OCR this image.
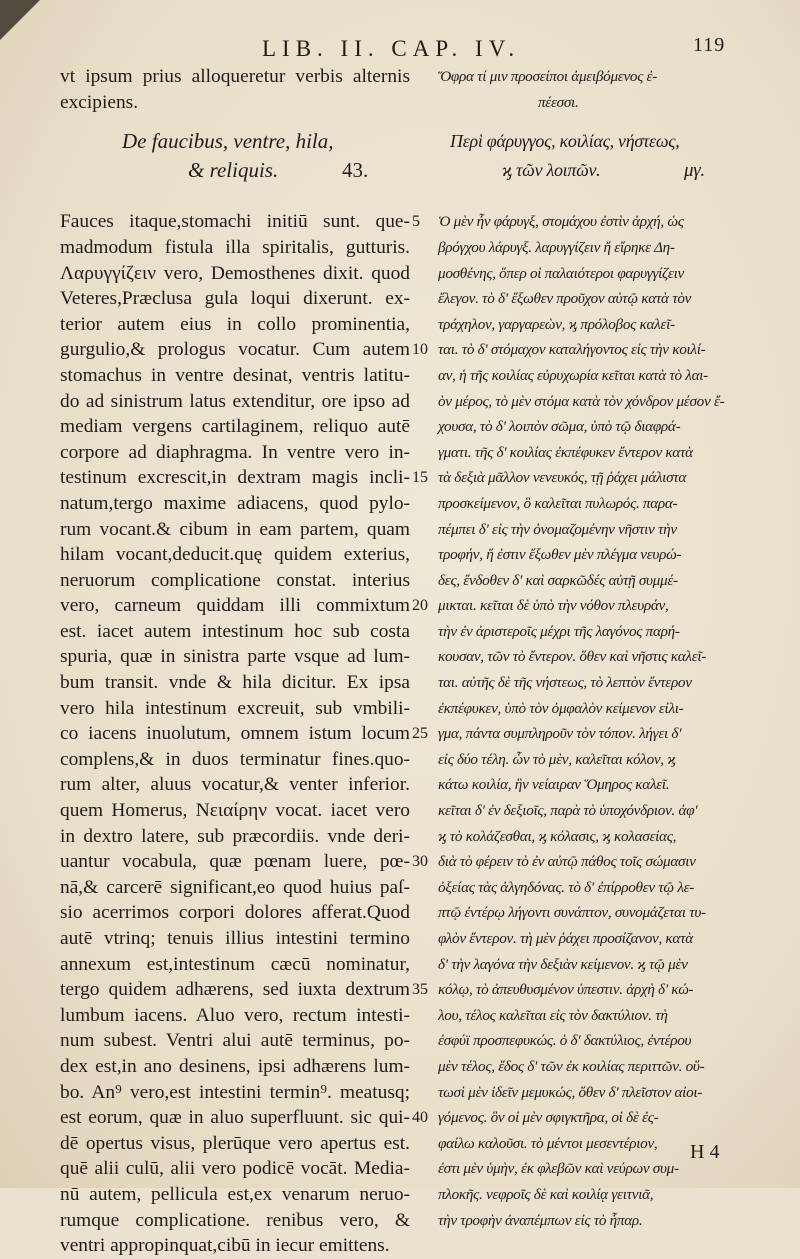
LIB. II. CAP. IV.	119
vt ipsum prius alloqueretur verbis alternis
excipiens.
De faucibus, ventre, hila,
& reliquis.	43.
Fauces itaque,stomachi initiū sunt. que-
madmodum fistula illa spiritalis, gutturis.
Λαρυγγίζειν vero, Demosthenes dixit. quod
Veteres,Præclusa gula loqui dixerunt. ex-
terior autem eius in collo prominentia,
gurgulio,& prologus vocatur. Cum autem
stomachus in ventre desinat, ventris latitu-
do ad sinistrum latus extenditur, ore ipso ad
mediam vergens cartilaginem, reliquo autē
corpore ad diaphragma. In ventre vero in-
testinum excrescit,in dextram magis incli-
natum,tergo maxime adiacens, quod pylo-
rum vocant.& cibum in eam partem, quam
hilam vocant,deducit.quę quidem exterius,
neruorum complicatione constat. interius
vero, carneum quiddam illi commixtum
est. iacet autem intestinum hoc sub costa
spuria, quæ in sinistra parte vsque ad lum-
bum transit. vnde & hila dicitur. Ex ipsa
vero hila intestinum excreuit, sub vmbili-
co iacens inuolutum, omnem istum locum
complens,& in duos terminatur fines.quo-
rum alter, aluus vocatur,& venter inferior.
quem Homerus, Νειαίρην vocat. iacet vero
in dextro latere, sub præcordiis. vnde deri-
uantur vocabula, quæ pœnam luere, pœ-
nā,& carcerē significant,eo quod huius paſ-
sio acerrimos corpori dolores afferat.Quod
autē vtrinq; tenuis illius intestini termino
annexum est,intestinum cæcū nominatur,
tergo quidem adhærens, sed iuxta dextrum
lumbum iacens. Aluo vero, rectum intesti-
num subest. Ventri alui autē terminus, po-
dex est,in ano desinens, ipsi adhærens lum-
bo. An⁹ vero,est intestini termin⁹. meatusq;
est eorum, quæ in aluo superfluunt. sic qui-
dē opertus visus, plerūque vero apertus est.
quē alii culū, alii vero podicē vocāt. Media-
nū autem, pellicula est,ex venarum neruo-
rumque complicatione. renibus vero, &
ventri appropinquat,cibū in iecur emittens.
5
10
15
20
25
30
35
40
Ὅφρα τί μιν προσείποι ἀμειβόμενος ἐ-
πέεσσι.
Περὶ φάρυγγος, κοιλίας, νήστεως,
ϗ τῶν λοιπῶν.	μγ.
Ὁ μὲν ἦν φάρυγξ, στομάχου ἐστὶν ἀρχή, ὡς
βρόγχου λάρυγξ. λαρυγγίζειν ἤ εἴρηκε Δη-
μοσθένης, ὅπερ οἱ παλαιότεροι φαρυγγίζειν
ἔλεγον. τὸ δ' ἔξωθεν προῦχον αὐτῷ κατὰ τὸν
τράχηλον, γαργαρεὼν, ϗ πρόλοβος καλεῖ-
ται. τὸ δ' στόμαχον καταλήγοντος εἰς τὴν κοιλί-
αν, ἡ τῆς κοιλίας εὐρυχωρία κεῖται κατὰ τὸ λαι-
ὸν μέρος, τὸ μὲν στόμα κατὰ τὸν χόνδρον μέσον ἔ-
χουσα, τὸ δ' λοιπὸν σῶμα, ὑπὸ τῷ διαφρά-
γματι. τῆς δ' κοιλίας ἐκπέφυκεν ἔντερον κατὰ
τὰ δεξιὰ μᾶλλον νενευκός, τῇ ῥάχει μάλιστα
προσκείμενον, ὃ καλεῖται πυλωρός. παρα-
πέμπει δ' εἰς τὴν ὀνομαζομένην νῆστιν τὴν
τροφήν, ἥ ἐστιν ἔξωθεν μὲν πλέγμα νευρώ-
δες, ἔνδοθεν δ' καὶ σαρκῶδές αὐτῇ συμμέ-
μικται. κεῖται δὲ ὑπὸ τὴν νόθον πλευράν,
τὴν ἐν ἀριστεροῖς μέχρι τῆς λαγόνος παρή-
κουσαν, τῶν τὸ ἔντερον. ὅθεν καὶ νῆστις καλεῖ-
ται. αὐτῆς δὲ τῆς νήστεως, τὸ λεπτὸν ἔντερον
ἐκπέφυκεν, ὑπὸ τὸν ὀμφαλὸν κείμενον εἰλι-
γμα, πάντα συμπληροῦν τὸν τόπον. λήγει δ'
εἰς δύο τέλη. ὧν τὸ μὲν, καλεῖται κόλον, ϗ
κάτω κοιλία, ἣν νείαιραν Ὅμηρος καλεῖ.
κεῖται δ' ἐν δεξιοῖς, παρὰ τὸ ὑποχόνδριον. ἀφ'
ϗ τὸ κολάζεσθαι, ϗ κόλασις, ϗ κολασείας,
διὰ τὸ φέρειν τὸ ἐν αὐτῷ πάθος τοῖς σώμασιν
ὀξείας τὰς ἀλγηδόνας. τὸ δ' ἐπίρροθεν τῷ λε-
πτῷ ἐντέρῳ λήγοντι συνάπτον, συνομάζεται τυ-
φλὸν ἔντερον. τὴ μὲν ῥάχει προσίζανον, κατὰ
δ' τὴν λαγόνα τὴν δεξιὰν κείμενον. ϗ τῷ μὲν
κόλῳ, τὸ ἀπευθυσμένον ὑπεστιν. ἀρχὴ δ' κώ-
λου, τέλος καλεῖται εἰς τὸν δακτύλιον. τὴ
ἐσφύϊ προσπεφυκώς. ὁ δ' δακτύλιος, ἐντέρου
μὲν τέλος, ἕδος δ' τῶν ἐκ κοιλίας περιττῶν. οὕ-
τωσὶ μὲν ἰδεῖν μεμυκώς, ὅθεν δ' πλεῖστον αἰοι-
γόμενος. ὃν οἱ μὲν σφιγκτῆρα, οἱ δὲ ἐς-
φαίλω καλοῦσι. τὸ μέντοι μεσεντέριον,
ἐστι μὲν ὑμὴν, ἐκ φλεβῶν καὶ νεύρων συμ-
πλοκῆς. νεφροῖς δὲ καὶ κοιλίᾳ γειτνιᾶ,
τὴν τροφὴν ἀναπέμπων εἰς τὸ ἧπαρ.
H 4
